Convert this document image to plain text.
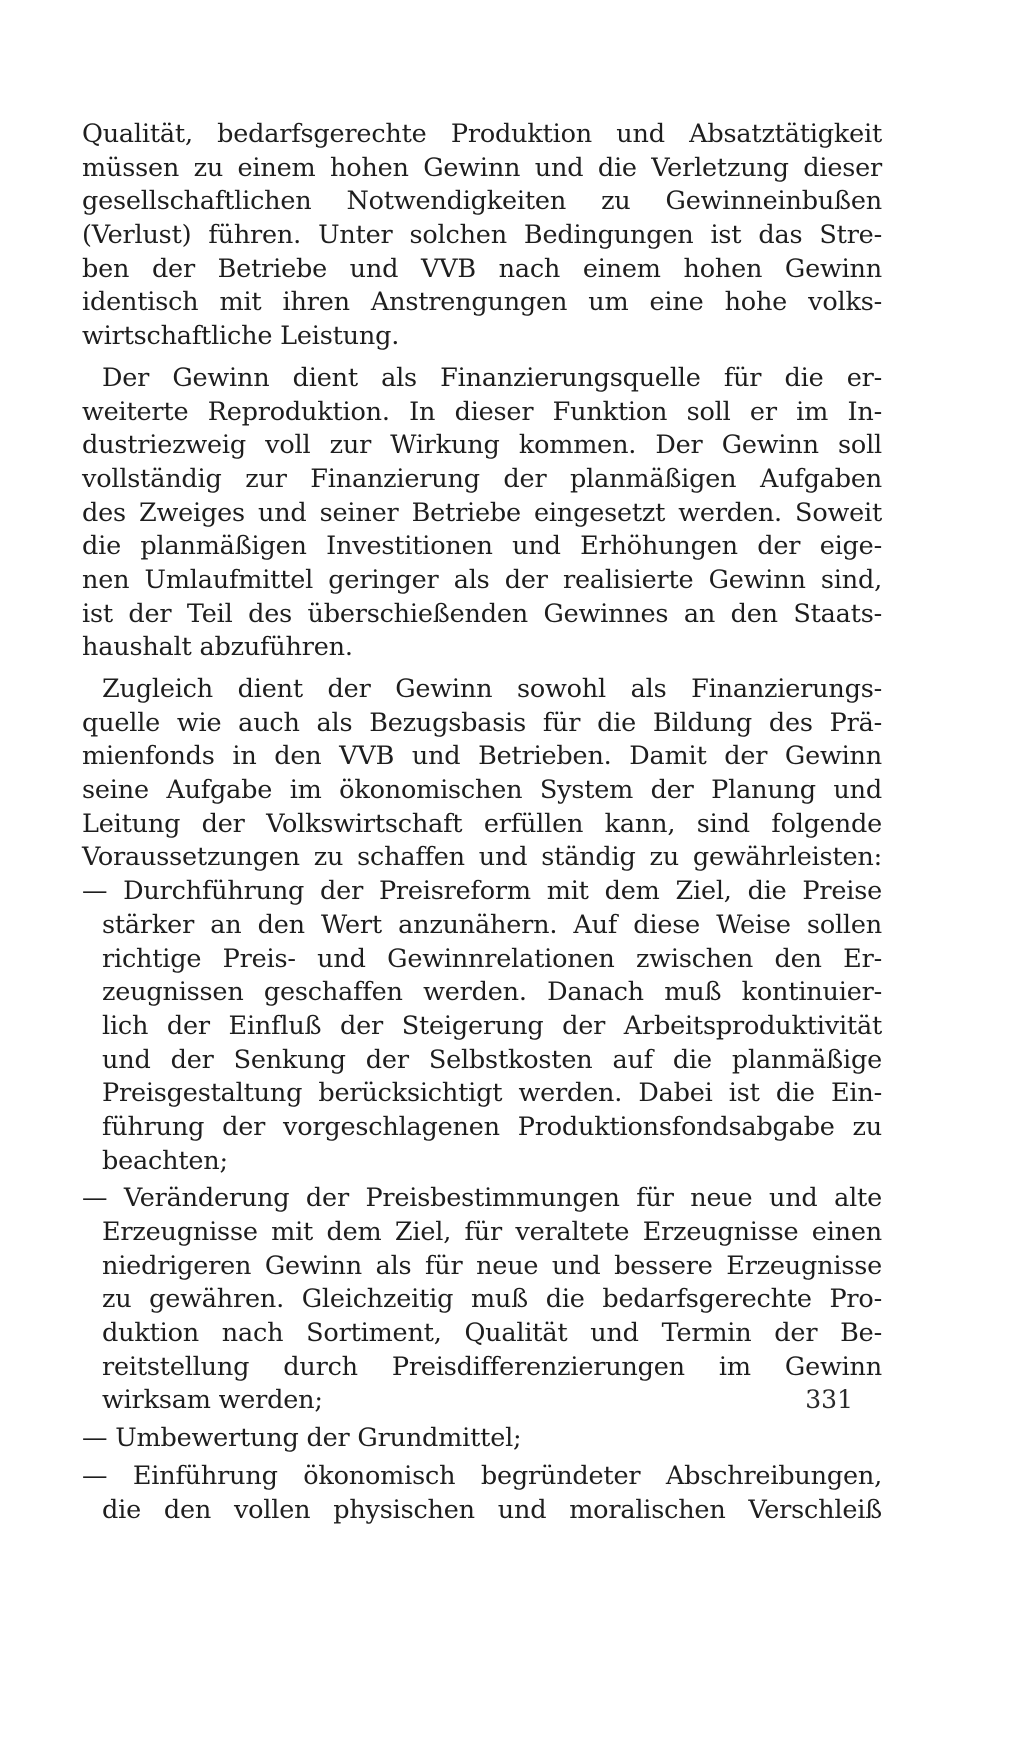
Qualität, bedarfsgerechte Produktion und Absatztätigkeit
müssen zu einem hohen Gewinn und die Verletzung dieser
gesellschaftlichen Notwendigkeiten zu Gewinneinbußen
(Verlust) führen. Unter solchen Bedingungen ist das Stre-
ben der Betriebe und VVB nach einem hohen Gewinn
identisch mit ihren Anstrengungen um eine hohe volks-
wirtschaftliche Leistung.
Der Gewinn dient als Finanzierungsquelle für die er-
weiterte Reproduktion. In dieser Funktion soll er im In-
dustriezweig voll zur Wirkung kommen. Der Gewinn soll
vollständig zur Finanzierung der planmäßigen Aufgaben
des Zweiges und seiner Betriebe eingesetzt werden. Soweit
die planmäßigen Investitionen und Erhöhungen der eige-
nen Umlaufmittel geringer als der realisierte Gewinn sind,
ist der Teil des überschießenden Gewinnes an den Staats-
haushalt abzuführen.
Zugleich dient der Gewinn sowohl als Finanzierungs-
quelle wie auch als Bezugsbasis für die Bildung des Prä-
mienfonds in den VVB und Betrieben. Damit der Gewinn
seine Aufgabe im ökonomischen System der Planung und
Leitung der Volkswirtschaft erfüllen kann, sind folgende
Voraussetzungen zu schaffen und ständig zu gewährleisten:
— Durchführung der Preisreform mit dem Ziel, die Preise
stärker an den Wert anzunähern. Auf diese Weise sollen
richtige Preis- und Gewinnrelationen zwischen den Er-
zeugnissen geschaffen werden. Danach muß kontinuier-
lich der Einfluß der Steigerung der Arbeitsproduktivität
und der Senkung der Selbstkosten auf die planmäßige
Preisgestaltung berücksichtigt werden. Dabei ist die Ein-
führung der vorgeschlagenen Produktionsfondsabgabe zu
beachten;
— Veränderung der Preisbestimmungen für neue und alte
Erzeugnisse mit dem Ziel, für veraltete Erzeugnisse einen
niedrigeren Gewinn als für neue und bessere Erzeugnisse
zu gewähren. Gleichzeitig muß die bedarfsgerechte Pro-
duktion nach Sortiment, Qualität und Termin der Be-
reitstellung durch Preisdifferenzierungen im Gewinn
wirksam werden;
— Umbewertung der Grundmittel;
— Einführung ökonomisch begründeter Abschreibungen,
die den vollen physischen und moralischen Verschleiß
331
